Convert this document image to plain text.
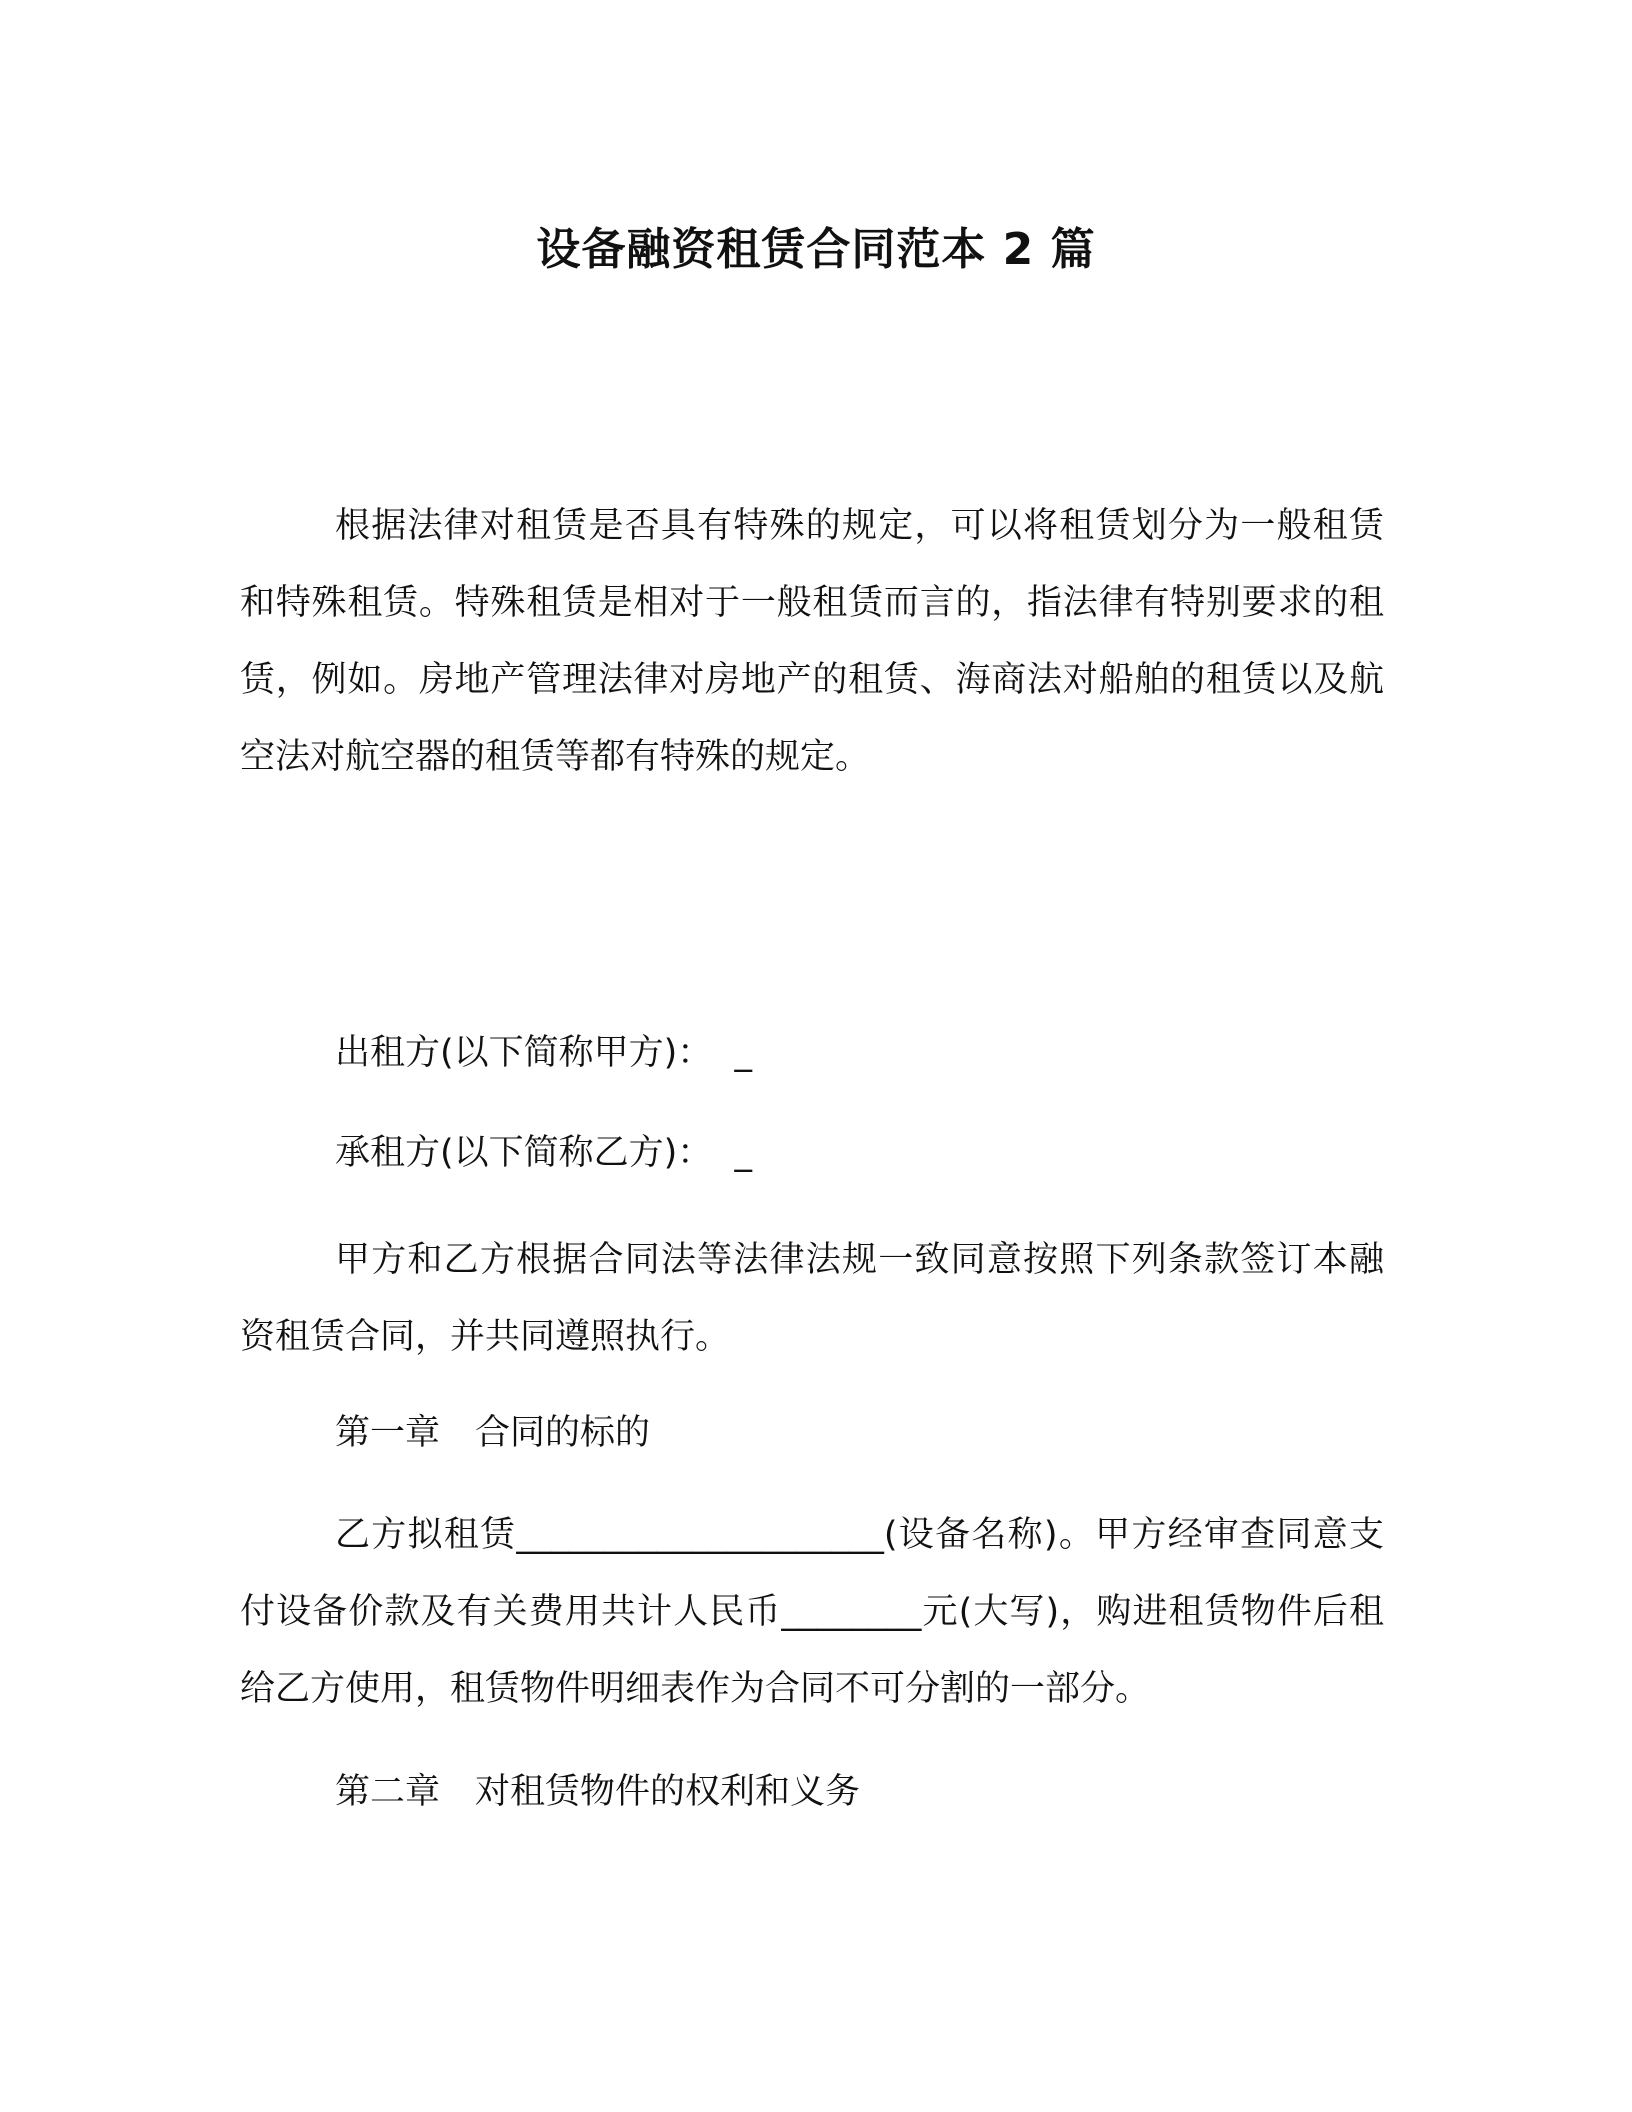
设备融资租赁合同范本 2 篇

根据法律对租赁是否具有特殊的规定，可以将租赁划分为一般租赁和特殊租赁。特殊租赁是相对于一般租赁而言的，指法律有特别要求的租赁，例如。房地产管理法律对房地产的租赁、海商法对船舶的租赁以及航空法对航空器的租赁等都有特殊的规定。

出租方(以下简称甲方)：  _

承租方(以下简称乙方)：  _

甲方和乙方根据合同法等法律法规一致同意按照下列条款签订本融资租赁合同，并共同遵照执行。

第一章　合同的标的

乙方拟租赁_____________________(设备名称)。甲方经审查同意支付设备价款及有关费用共计人民币________元(大写)，购进租赁物件后租给乙方使用，租赁物件明细表作为合同不可分割的一部分。

第二章　对租赁物件的权利和义务
